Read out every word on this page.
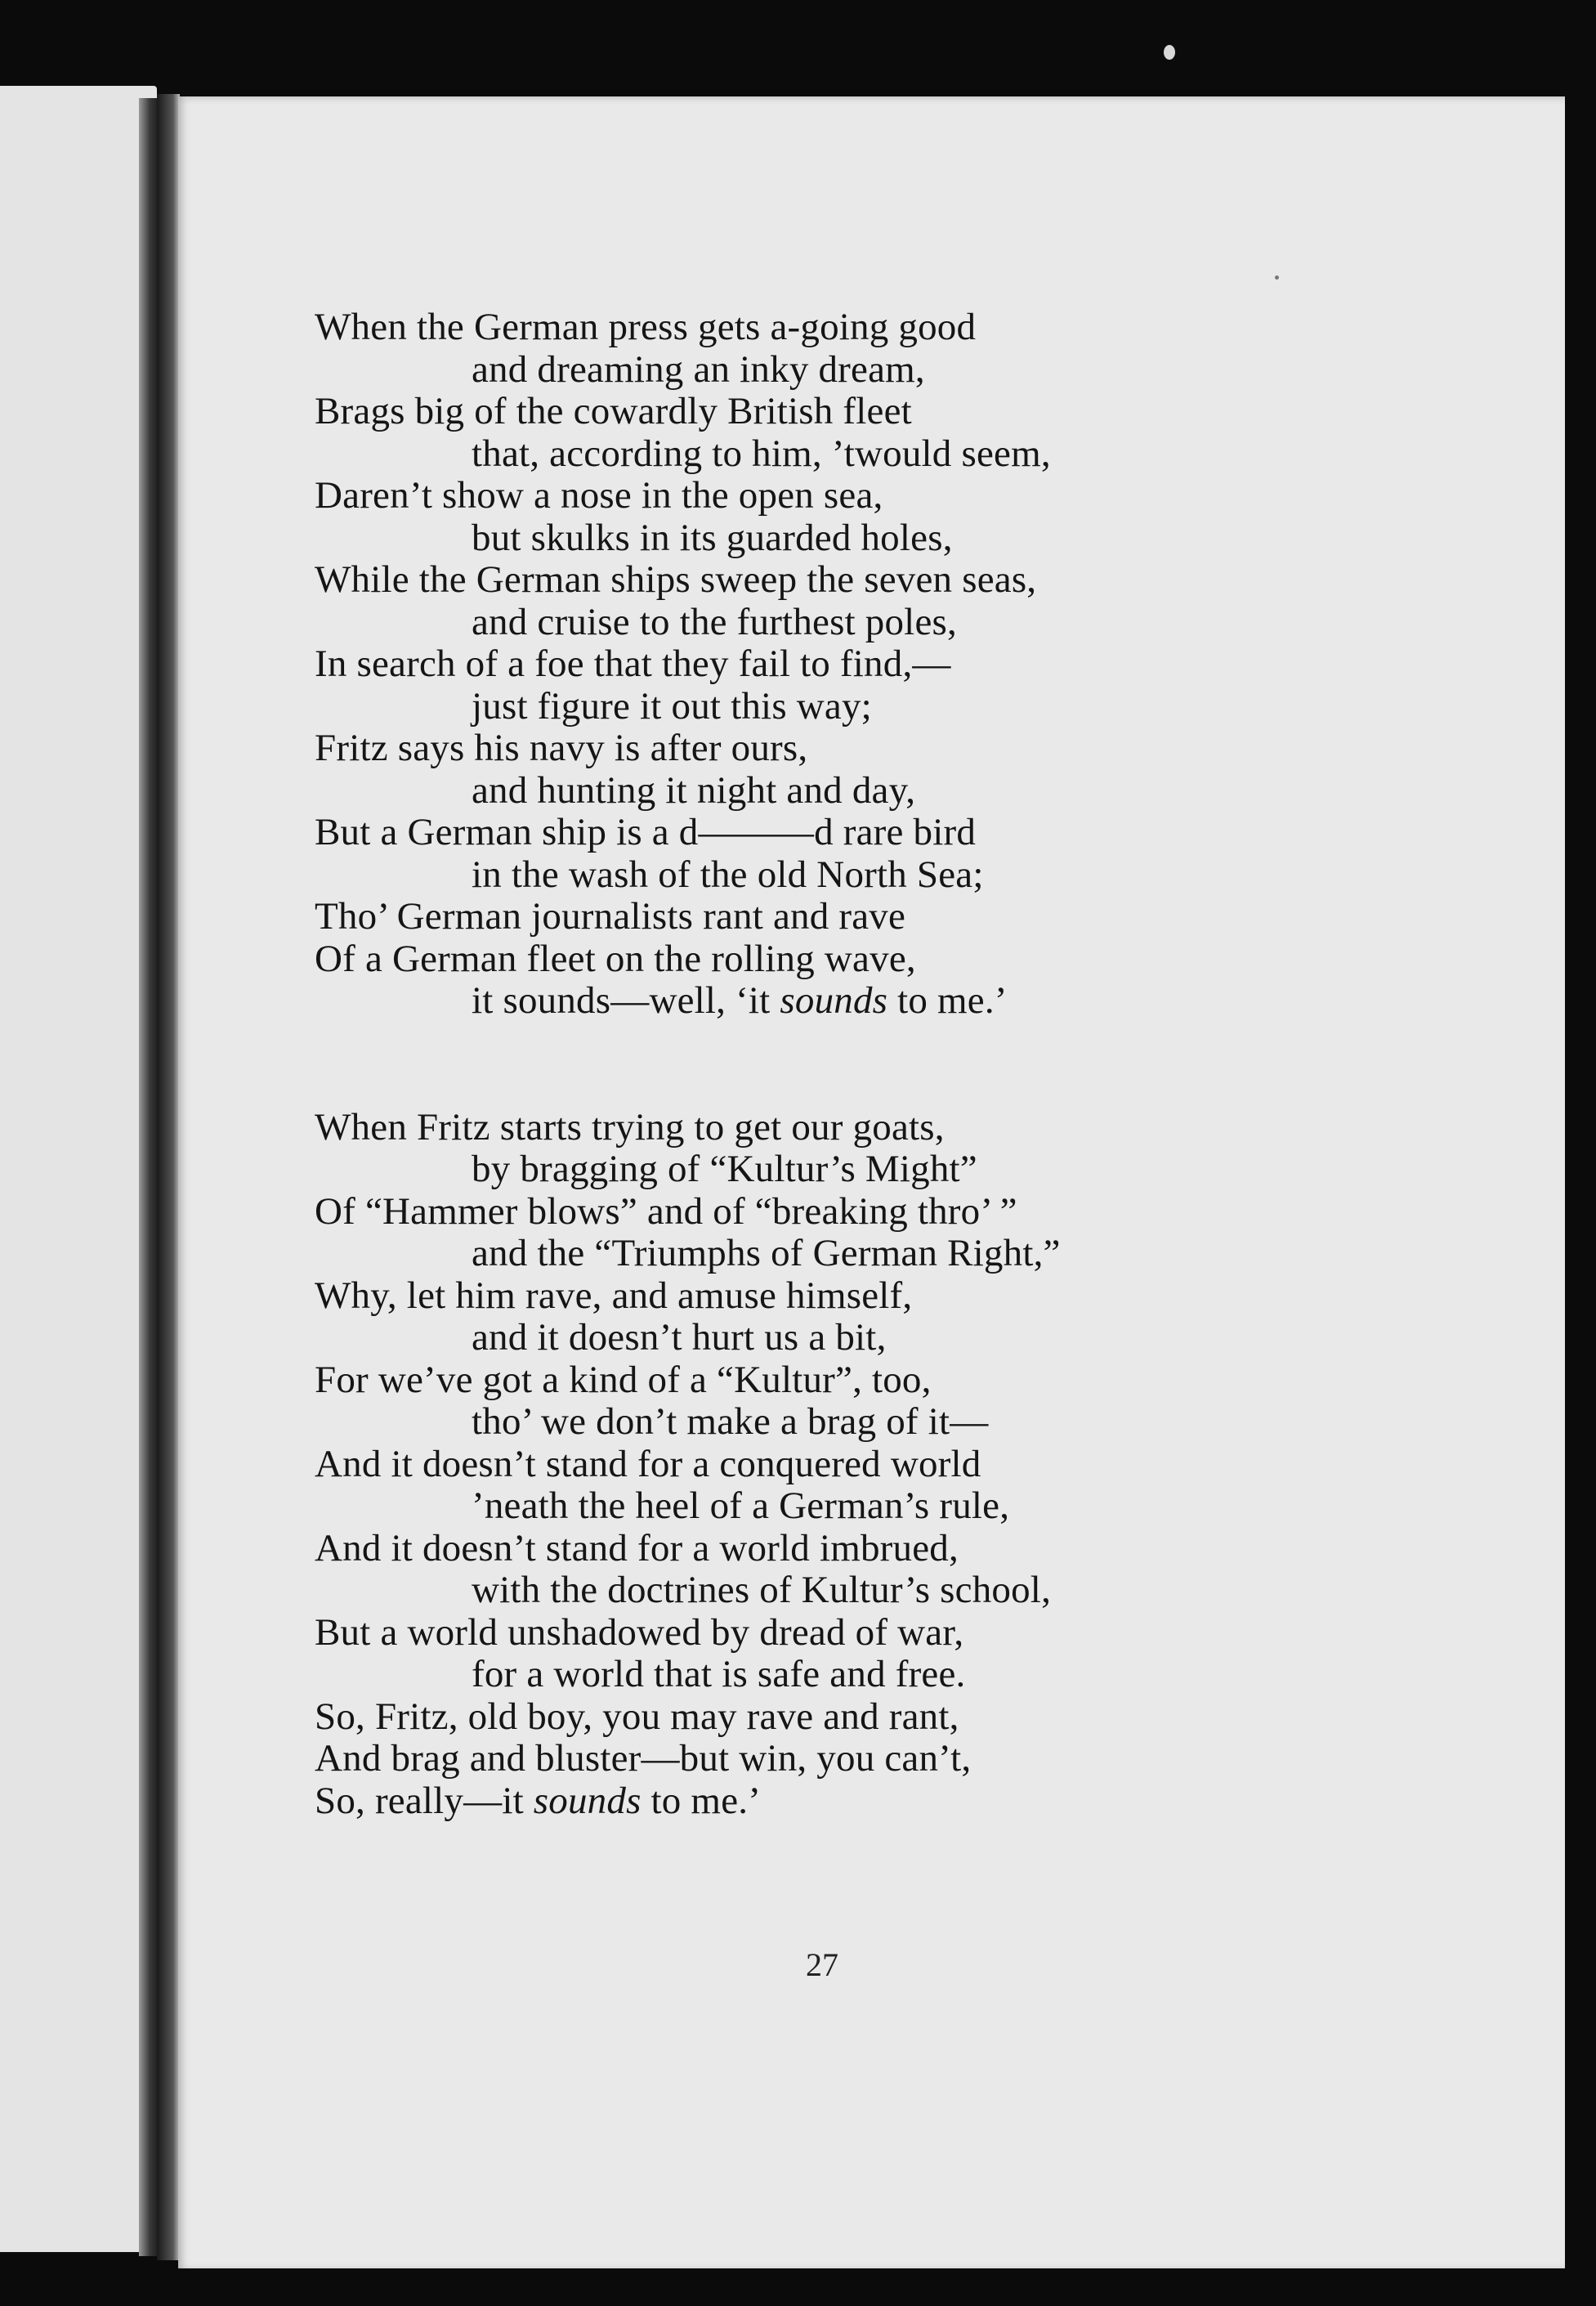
When the German press gets a-going good
and dreaming an inky dream,
Brags big of the cowardly British fleet
that, according to him, ’twould seem,
Daren’t show a nose in the open sea,
but skulks in its guarded holes,
While the German ships sweep the seven seas,
and cruise to the furthest poles,
In search of a foe that they fail to find,—
just figure it out this way;
Fritz says his navy is after ours,
and hunting it night and day,
But a German ship is a d———d rare bird
in the wash of the old North Sea;
Tho’ German journalists rant and rave
Of a German fleet on the rolling wave,
it sounds—well, ‘it sounds to me.’
When Fritz starts trying to get our goats,
by bragging of “Kultur’s Might”
Of “Hammer blows” and of “breaking thro’ ”
and the “Triumphs of German Right,”
Why, let him rave, and amuse himself,
and it doesn’t hurt us a bit,
For we’ve got a kind of a “Kultur”, too,
tho’ we don’t make a brag of it—
And it doesn’t stand for a conquered world
’neath the heel of a German’s rule,
And it doesn’t stand for a world imbrued,
with the doctrines of Kultur’s school,
But a world unshadowed by dread of war,
for a world that is safe and free.
So, Fritz, old boy, you may rave and rant,
And brag and bluster—but win, you can’t,
So, really—it sounds to me.’
27
